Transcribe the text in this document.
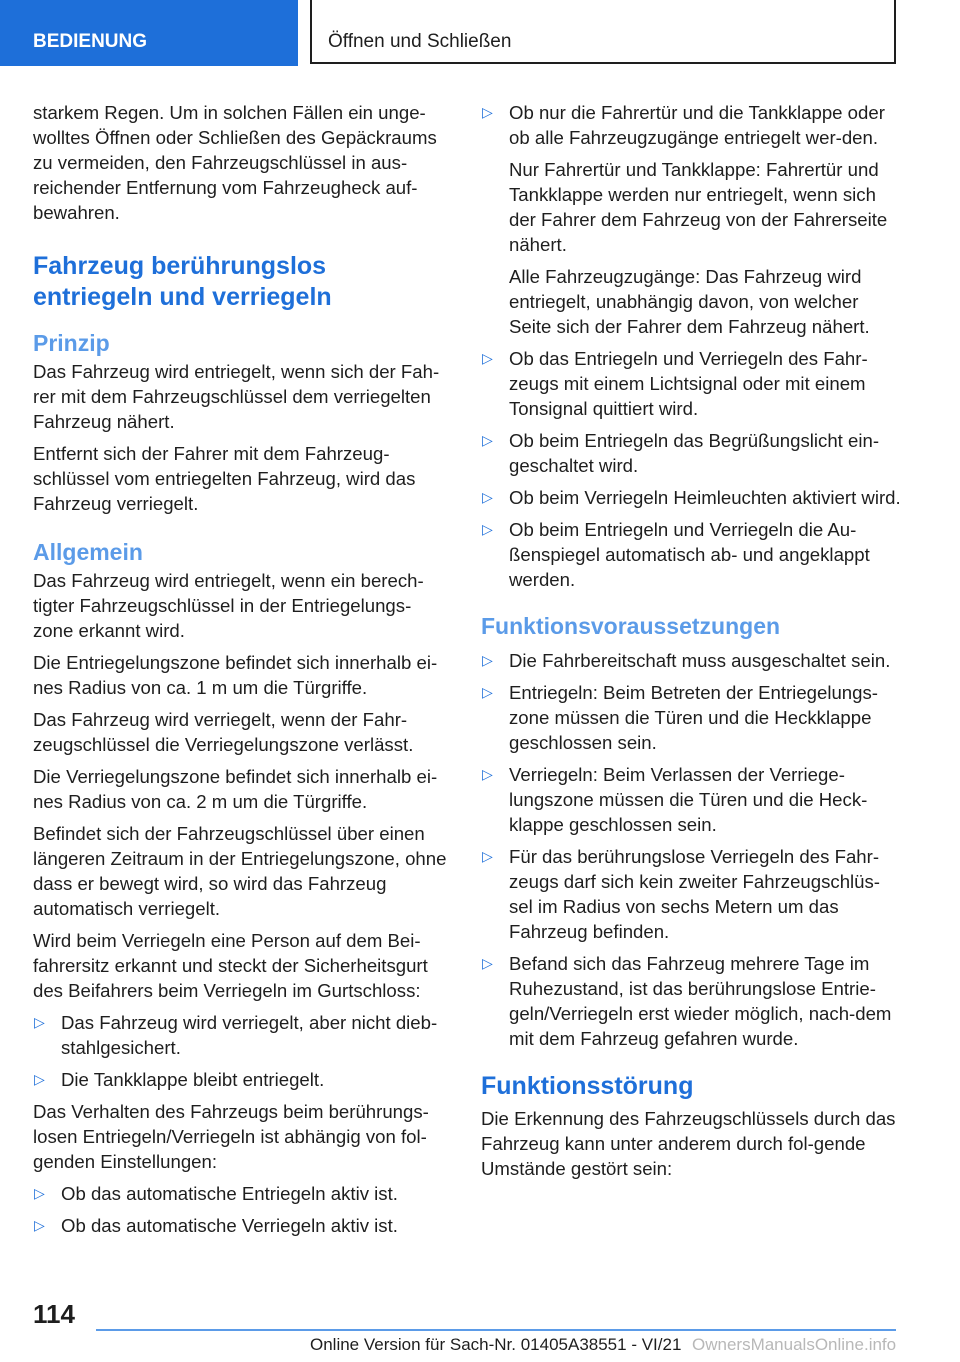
BEDIENUNG	Öffnen und Schließen

starkem Regen. Um in solchen Fällen ein unge‐wolltes Öffnen oder Schließen des Gepäckraums zu vermeiden, den Fahrzeugschlüssel in aus‐reichender Entfernung vom Fahrzeugheck auf‐bewahren.

Fahrzeug berührungslos entriegeln und verriegeln
Prinzip

Das Fahrzeug wird entriegelt, wenn sich der Fah‐rer mit dem Fahrzeugschlüssel dem verriegelten Fahrzeug nähert.

Entfernt sich der Fahrer mit dem Fahrzeug‐schlüssel vom entriegelten Fahrzeug, wird das Fahrzeug verriegelt.

Allgemein

Das Fahrzeug wird entriegelt, wenn ein berech‐tigter Fahrzeugschlüssel in der Entriegelungs‐zone erkannt wird.

Die Entriegelungszone befindet sich innerhalb ei‐nes Radius von ca. 1 m um die Türgriffe.

Das Fahrzeug wird verriegelt, wenn der Fahr‐zeugschlüssel die Verriegelungszone verlässt.

Die Verriegelungszone befindet sich innerhalb ei‐nes Radius von ca. 2 m um die Türgriffe.

Befindet sich der Fahrzeugschlüssel über einen längeren Zeitraum in der Entriegelungszone, ohne dass er bewegt wird, so wird das Fahrzeug automatisch verriegelt.

Wird beim Verriegeln eine Person auf dem Bei‐fahrersitz erkannt und steckt der Sicherheitsgurt des Beifahrers beim Verriegeln im Gurtschloss:

▷ Das Fahrzeug wird verriegelt, aber nicht dieb‐stahlgesichert.
▷ Die Tankklappe bleibt entriegelt.

Das Verhalten des Fahrzeugs beim berührungs‐losen Entriegeln/Verriegeln ist abhängig von fol‐genden Einstellungen:

▷ Ob das automatische Entriegeln aktiv ist.
▷ Ob das automatische Verriegeln aktiv ist.
▷ Ob nur die Fahrertür und die Tankklappe oder ob alle Fahrzeugzugänge entriegelt wer‐den.

Nur Fahrertür und Tankklappe: Fahrertür und Tankklappe werden nur entriegelt, wenn sich der Fahrer dem Fahrzeug von der Fahrerseite nähert.

Alle Fahrzeugzugänge: Das Fahrzeug wird entriegelt, unabhängig davon, von welcher Seite sich der Fahrer dem Fahrzeug nähert.

▷ Ob das Entriegeln und Verriegeln des Fahr‐zeugs mit einem Lichtsignal oder mit einem Tonsignal quittiert wird.
▷ Ob beim Entriegeln das Begrüßungslicht ein‐geschaltet wird.
▷ Ob beim Verriegeln Heimleuchten aktiviert wird.
▷ Ob beim Entriegeln und Verriegeln die Au‐ßenspiegel automatisch ab- und angeklappt werden.
Funktionsvoraussetzungen
▷ Die Fahrbereitschaft muss ausgeschaltet sein.
▷ Entriegeln: Beim Betreten der Entriegelungs‐zone müssen die Türen und die Heckklappe geschlossen sein.
▷ Verriegeln: Beim Verlassen der Verriege‐lungszone müssen die Türen und die Heck‐klappe geschlossen sein.
▷ Für das berührungslose Verriegeln des Fahr‐zeugs darf sich kein zweiter Fahrzeugschlüs‐sel im Radius von sechs Metern um das Fahrzeug befinden.
▷ Befand sich das Fahrzeug mehrere Tage im Ruhezustand, ist das berührungslose Entrie‐geln/Verriegeln erst wieder möglich, nach‐dem mit dem Fahrzeug gefahren wurde.
Funktionsstörung

Die Erkennung des Fahrzeugschlüssels durch das Fahrzeug kann unter anderem durch fol‐gende Umstände gestört sein:

114
Online Version für Sach-Nr. 01405A38551 - VI/21 OwnersManualsOnline.info
